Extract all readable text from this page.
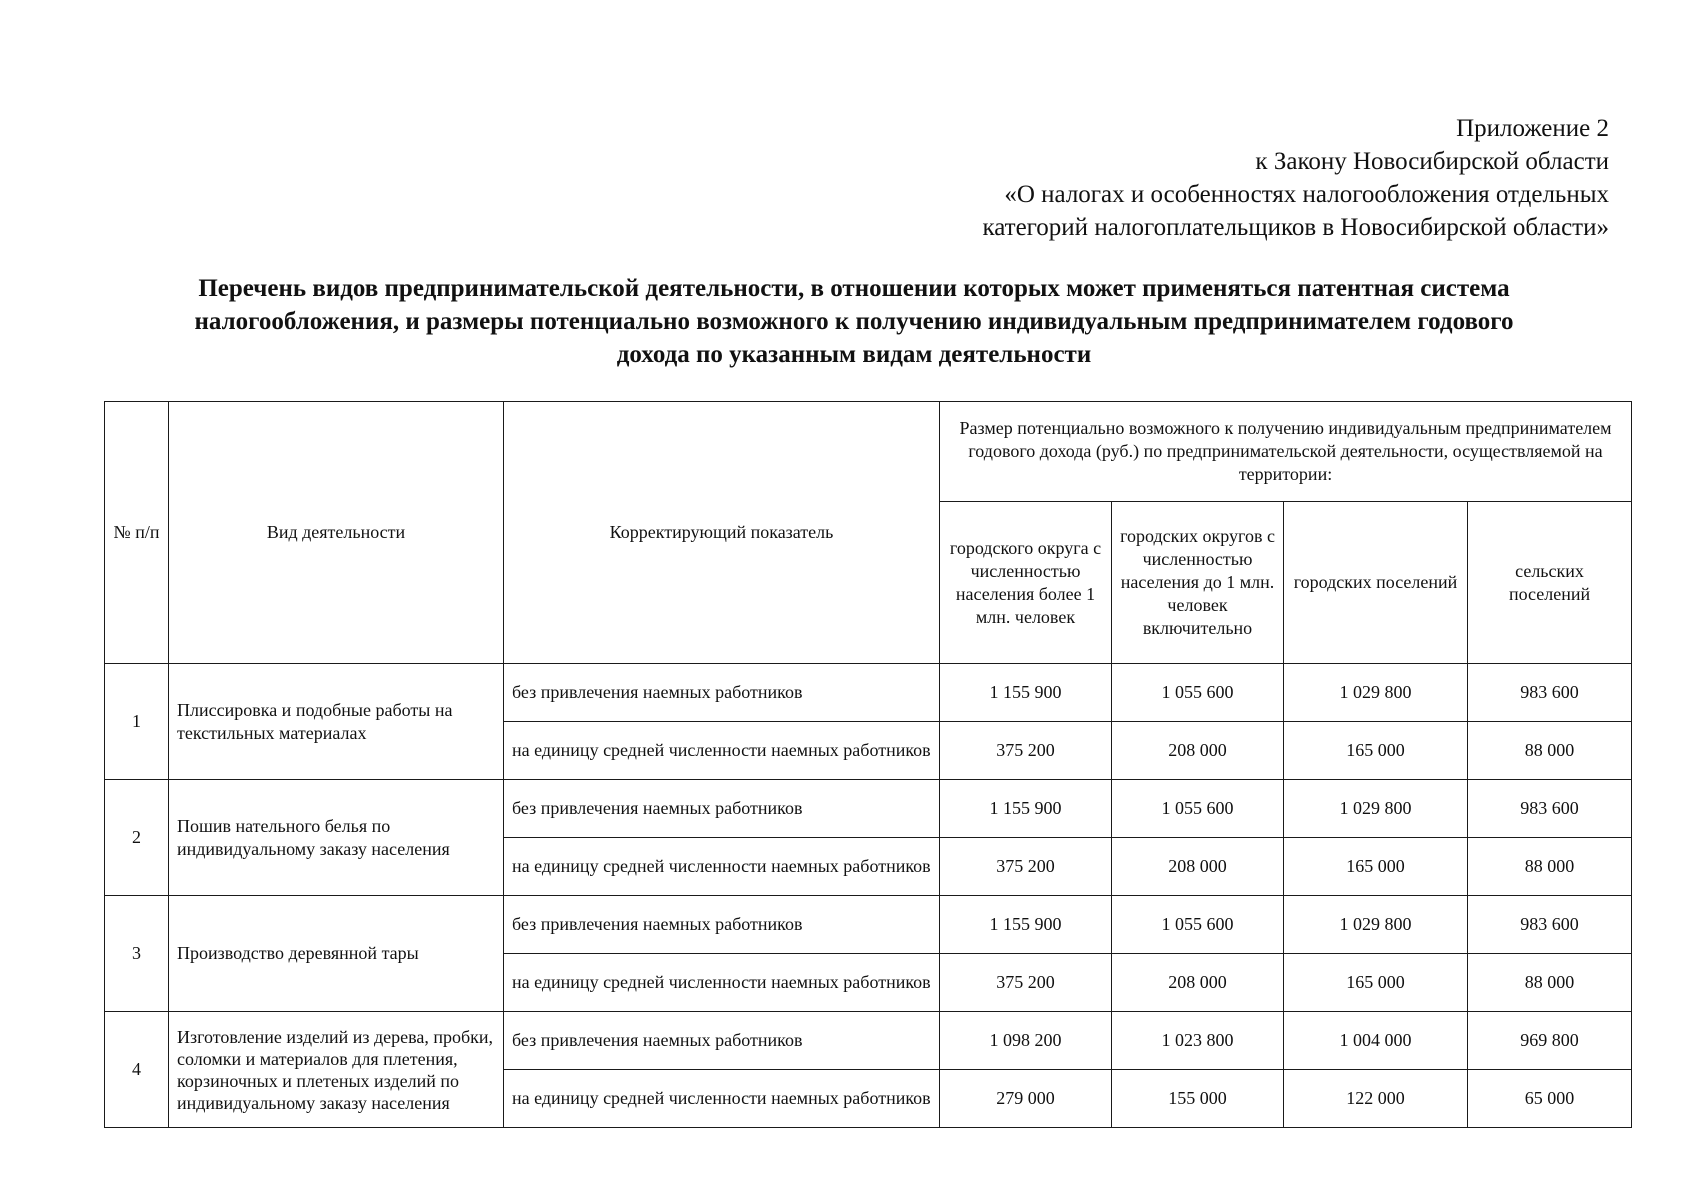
Приложение 2
к Закону Новосибирской области
«О налогах и особенностях налогообложения отдельных
категорий налогоплательщиков в Новосибирской области»
Перечень видов предпринимательской деятельности, в отношении которых может применяться патентная система
налогообложения, и размеры потенциально возможного к получению индивидуальным предпринимателем годового
дохода по указанным видам деятельности
№ п/п	Вид деятельности	Корректирующий показатель	Размер потенциально возможного к получению индивидуальным предпринимателем годового дохода (руб.) по предпринимательской деятельности, осуществляемой на территории:			
			городского округа с численностью населения более 1 млн. человек	городских округов с численностью населения до 1 млн. человек включительно	городских поселений	сельских поселений
1	Плиссировка и подобные работы на текстильных материалах	без привлечения наемных работников	1 155 900	1 055 600	1 029 800	983 600
		на единицу средней численности наемных работников	375 200	208 000	165 000	88 000
2	Пошив нательного белья по индивидуальному заказу населения	без привлечения наемных работников	1 155 900	1 055 600	1 029 800	983 600
		на единицу средней численности наемных работников	375 200	208 000	165 000	88 000
3	Производство деревянной тары	без привлечения наемных работников	1 155 900	1 055 600	1 029 800	983 600
		на единицу средней численности наемных работников	375 200	208 000	165 000	88 000
4	Изготовление изделий из дерева, пробки, соломки и материалов для плетения, корзиночных и плетеных изделий по индивидуальному заказу населения	без привлечения наемных работников	1 098 200	1 023 800	1 004 000	969 800
		на единицу средней численности наемных работников	279 000	155 000	122 000	65 000
